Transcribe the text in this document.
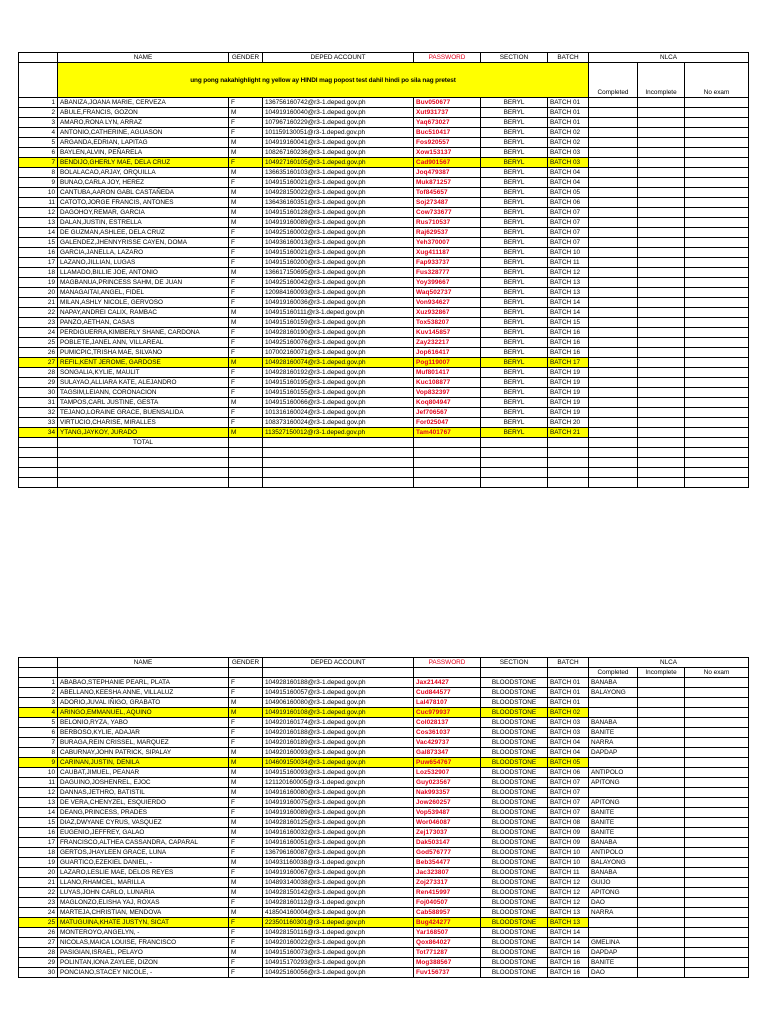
	NAME	GENDER	DEPED ACCOUNT	PASSWORD	SECTION	BATCH	NLCA		
	ung pong nakahighlight ng yellow ay HINDI mag popost test dahil hindi po sila nag pretest						Completed	Incomplete	No exam
1	ABANIZA,JOANA MARIE, CERVEZA	F	136756160742@r3-1.deped.gov.ph	Buv050677	BERYL	BATCH 01			
2	ABULE,FRANCIS, GOZON	M	104919160040@r3-1.deped.gov.ph	Xut931737	BERYL	BATCH 01			
3	AMARO,RONA LYN, ARRAZ	F	107967160229@r3-1.deped.gov.ph	Yaq673027	BERYL	BATCH 01			
4	ANTONIO,CATHERINE, AGUASON	F	101159130051@r3-1.deped.gov.ph	Buc510417	BERYL	BATCH 02			
5	ARGANDA,EDRIAN, LAPITAG	M	104919160041@r3-1.deped.gov.ph	Fos920557	BERYL	BATCH 02			
6	BAYLEN,ALVIN, PEÑARELA	M	108267160236@r3-1.deped.gov.ph	Xow153137	BERYL	BATCH 03			
7	BENDIJO,GHERLY MAE, DELA CRUZ	F	104927160105@r3-1.deped.gov.ph	Cad901567	BERYL	BATCH 03			
8	BOLALACAO,ARJAY, ORQUILLA	M	136635160103@r3-1.deped.gov.ph	Joq479387	BERYL	BATCH 04			
9	BUNAO,CARLA JOY, HEREZ	F	104915160021@r3-1.deped.gov.ph	Muk871257	BERYL	BATCH 04			
10	CANTUBA,AARON GABL CASTAÑEDA	M	104928150022@r3-1.deped.gov.ph	Tof845657	BERYL	BATCH 05			
11	CATOTO,JORGE FRANCIS, ANTONES	M	136436160351@r3-1.deped.gov.ph	Soj273487	BERYL	BATCH 06			
12	DAGOHOY,REMAR, GARCIA	M	104915160128@r3-1.deped.gov.ph	Cow733677	BERYL	BATCH 07			
13	DALAN,JUSTIN, ESTRELLA	M	104919160089@r3-1.deped.gov.ph	Rus710537	BERYL	BATCH 07			
14	DE GUZMAN,ASHLEE, DELA CRUZ	F	104925160002@r3-1.deped.gov.ph	Raj629537	BERYL	BATCH 07			
15	GALENDEZ,JHENNYRISSE CAYEN, DOMA	F	104936160013@r3-1.deped.gov.ph	Yeh370007	BERYL	BATCH 07			
16	GARCIA,JANELLA, LAZARO	F	104915160021@r3-1.deped.gov.ph	Xug411187	BERYL	BATCH 10			
17	LAZANO,JILLIAN, LUGAS	F	104915160200@r3-1.deped.gov.ph	Fap933737	BERYL	BATCH 11			
18	LLAMADO,BILLIE JOE, ANTONIO	M	136617150695@r3-1.deped.gov.ph	Fus328777	BERYL	BATCH 12			
19	MAGBANUA,PRINCESS SAHM, DE JUAN	F	104925160042@r3-1.deped.gov.ph	Yoy399667	BERYL	BATCH 13			
20	MANAGAITAI,ANGEL, FIDEL	F	120984160093@r3-1.deped.gov.ph	Waq502737	BERYL	BATCH 13			
21	MILAN,ASHLY NICOLE, GERVOSO	F	104919160036@r3-1.deped.gov.ph	Von934627	BERYL	BATCH 14			
22	NAPAY,ANDREI CALIX, RAMBAC	M	104915160111@r3-1.deped.gov.ph	Xuz932867	BERYL	BATCH 14			
23	PANZO,AETHAN, CASAS	M	104915160159@r3-1.deped.gov.ph	Tox538207	BERYL	BATCH 15			
24	PERDIGUERRA,KIMBERLY SHANE, CARDONA	F	104928160190@r3-1.deped.gov.ph	Kuv145857	BERYL	BATCH 16			
25	POBLETE,JANEL ANN, VILLAREAL	F	104925160076@r3-1.deped.gov.ph	Zay232217	BERYL	BATCH 16			
26	PUMICPIC,TRISHA MAE, SILVANO	F	107002160071@r3-1.deped.gov.ph	Jop616417	BERYL	BATCH 16			
27	REFIL,KENT JEROME, GARDOSE	M	104928160074@r3-1.deped.gov.ph	Pog119007	BERYL	BATCH 17			
28	SONGALIA,KYLIE, MAULIT	F	104928160192@r3-1.deped.gov.ph	Muf801417	BERYL	BATCH 19			
29	SULAYAO,ALLIARA KATE, ALEJANDRO	F	104915160195@r3-1.deped.gov.ph	Kuc108877	BERYL	BATCH 19			
30	TAGSIM,LEIANN, CORONACION	F	104915160155@r3-1.deped.gov.ph	Vop832397	BERYL	BATCH 19			
31	TAMPOS,CARL JUSTINE, GESTA	M	104915160066@r3-1.deped.gov.ph	Koq804947	BERYL	BATCH 19			
32	TEJANO,LORAINE GRACE, BUENSALIDA	F	101316160024@r3-1.deped.gov.ph	Jef706567	BERYL	BATCH 19			
33	VIRTUCIO,CHARISE, MIRALLES	F	108373160024@r3-1.deped.gov.ph	For025047	BERYL	BATCH 20			
34	YTANG,JAYKOY, JURADO	M	113527150012@r3-1.deped.gov.ph	Tam401767	BERYL	BATCH 21			
	TOTAL								

	NAME	GENDER	DEPED ACCOUNT	PASSWORD	SECTION	BATCH	NLCA		
							Completed	Incomplete	No exam
1	ABABAO,STEPHANIE PEARL, PLATA	F	104928160188@r3-1.deped.gov.ph	Jax214427	BLOODSTONE	BATCH 01	BANABA		
2	ABELLANO,KEESHA ANNE, VILLALUZ	F	104915160057@r3-1.deped.gov.ph	Cud844577	BLOODSTONE	BATCH 01	BALAYONG		
3	ADORIO,JUVAL IÑIGO, GRABATO	M	104906160080@r3-1.deped.gov.ph	Lal478107	BLOODSTONE	BATCH 01			
4	ARINGO,EMMANUEL, AQUINO	M	104919160108@r3-1.deped.gov.ph	Cuc979937	BLOODSTONE	BATCH 02			
5	BELONIO,RYZA, YABO	F	104920160174@r3-1.deped.gov.ph	Col028137	BLOODSTONE	BATCH 03	BANABA		
6	BERBOSO,KYLIE, ADAJAR	F	104920160188@r3-1.deped.gov.ph	Cos361037	BLOODSTONE	BATCH 03	BANITE		
7	BURAGA,REIN CRISSEL, MARQUEZ	F	104920160189@r3-1.deped.gov.ph	Vac429737	BLOODSTONE	BATCH 04	NARRA		
8	CABURNAY,JOHN PATRICK, SIPALAY	M	104920160093@r3-1.deped.gov.ph	Gal873347	BLOODSTONE	BATCH 04	DAPDAP		
9	CARINAN,JUSTIN, DENILA	M	104609150034@r3-1.deped.gov.ph	Puw654767	BLOODSTONE	BATCH 05			
10	CAUBAT,JIMUEL, PEANAR	M	104915160093@r3-1.deped.gov.ph	Loz532907	BLOODSTONE	BATCH 06	ANTIPOLO		
11	DAGUINO,JOSHENREL, EJOC	M	121120160005@r3-1.deped.gov.ph	Guy023567	BLOODSTONE	BATCH 07	APITONG		
12	DANNAS,JETHRO, BATISTIL	M	104916160080@r3-1.deped.gov.ph	Nak993357	BLOODSTONE	BATCH 07			
13	DE VERA,CHENYZEL, ESQUIERDO	F	104919160075@r3-1.deped.gov.ph	Jow260257	BLOODSTONE	BATCH 07	APITONG		
14	DEANG,PRINCESS, PRADES	F	104919160089@r3-1.deped.gov.ph	Vop539487	BLOODSTONE	BATCH 07	BANITE		
15	DIAZ,DWYANE CYRUS, VASQUEZ	M	104928160125@r3-1.deped.gov.ph	Wor046087	BLOODSTONE	BATCH 08	BANITE		
16	EUGENIO,JEFFREY, GALAO	M	104916160032@r3-1.deped.gov.ph	Zej173037	BLOODSTONE	BATCH 09	BANITE		
17	FRANCISCO,ALTHEA CASSANDRA, CAPARAL	F	104916160051@r3-1.deped.gov.ph	Dak503147	BLOODSTONE	BATCH 09	BANABA		
18	GERTOS,JHAYLEEN GRACE, LUNA	F	136796160087@r3-1.deped.gov.ph	God576777	BLOODSTONE	BATCH 10	ANTIPOLO		
19	GUARTICO,EZEKIEL DANIEL, -	M	104931160038@r3-1.deped.gov.ph	Beb354477	BLOODSTONE	BATCH 10	BALAYONG		
20	LAZARO,LESLIE MAE, DELOS REYES	F	104919160067@r3-1.deped.gov.ph	Jac323807	BLOODSTONE	BATCH 11	BANABA		
21	LLANO,RHAMCEL, MARILLA	M	104893140038@r3-1.deped.gov.ph	Zoj273317	BLOODSTONE	BATCH 12	GUIJO		
22	LUYAS,JOHN CARLO, LUNARIA	M	104928150142@r3-1.deped.gov.ph	Ren415997	BLOODSTONE	BATCH 12	APITONG		
23	MAGLONZO,ELISHA YAJ, ROXAS	F	104928160112@r3-1.deped.gov.ph	Foj040507	BLOODSTONE	BATCH 12	DAO		
24	MARTEJA,CHRISTIAN, MENDOVA	M	418504160004@r3-1.deped.gov.ph	Cab588957	BLOODSTONE	BATCH 13	NARRA		
25	MATUGUINA,KHATE JUSTYN, SICAT	F	223501160301@r3-1.deped.gov.ph	Bug424277	BLOODSTONE	BATCH 13			
26	MONTEROYO,ANGELYN, -	F	104928150116@r3-1.deped.gov.ph	Yar168507	BLOODSTONE	BATCH 14			
27	NICOLAS,MAICA LOUISE, FRANCISCO	F	104920160022@r3-1.deped.gov.ph	Qox864027	BLOODSTONE	BATCH 14	GMELINA		
28	PASIGIAN,ISRAEL, PELAYO	M	104915160073@r3-1.deped.gov.ph	Tot771287	BLOODSTONE	BATCH 16	DAPDAP		
29	POLINTAN,IONA ZAYLEE, DIZON	F	104915170293@r3-1.deped.gov.ph	Mog388567	BLOODSTONE	BATCH 16	BANITE		
30	PONCIANO,STACEY NICOLE, -	F	104925160056@r3-1.deped.gov.ph	Fuv156737	BLOODSTONE	BATCH 16	DAO		
